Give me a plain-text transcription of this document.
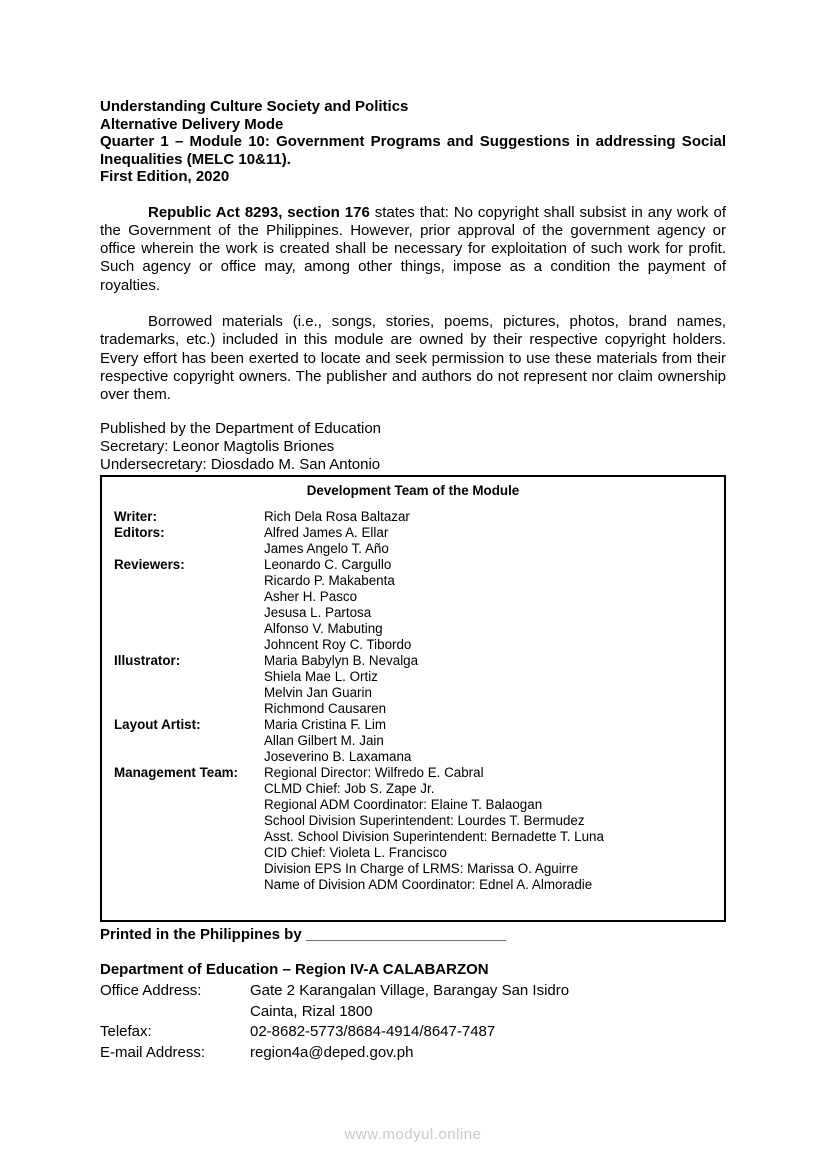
Understanding Culture Society and Politics
Alternative Delivery Mode
Quarter 1 – Module 10: Government Programs and Suggestions in addressing Social Inequalities (MELC 10&11).
First Edition, 2020

Republic Act 8293, section 176 states that: No copyright shall subsist in any work of the Government of the Philippines. However, prior approval of the government agency or office wherein the work is created shall be necessary for exploitation of such work for profit. Such agency or office may, among other things, impose as a condition the payment of royalties.

Borrowed materials (i.e., songs, stories, poems, pictures, photos, brand names, trademarks, etc.) included in this module are owned by their respective copyright holders. Every effort has been exerted to locate and seek permission to use these materials from their respective copyright owners. The publisher and authors do not represent nor claim ownership over them.

Published by the Department of Education
Secretary: Leonor Magtolis Briones
Undersecretary: Diosdado M. San Antonio
Development Team of the Module
Writer:	Rich Dela Rosa Baltazar
Editors:	Alfred James A. Ellar
James Angelo T. Año
Reviewers:	Leonardo C. Cargullo
Ricardo P. Makabenta
Asher H. Pasco
Jesusa L. Partosa
Alfonso V. Mabuting
Johncent Roy C. Tibordo
Illustrator:	Maria Babylyn B. Nevalga
Shiela Mae L. Ortiz
Melvin Jan Guarin
Richmond Causaren
Layout Artist:	Maria Cristina F. Lim
Allan Gilbert M. Jain
Joseverino B. Laxamana
Management Team:	Regional Director: Wilfredo E. Cabral
CLMD Chief: Job S. Zape Jr.
Regional ADM Coordinator: Elaine T. Balaogan
School Division Superintendent: Lourdes T. Bermudez
Asst. School Division Superintendent: Bernadette T. Luna
CID Chief: Violeta L. Francisco
Division EPS In Charge of LRMS: Marissa O. Aguirre
Name of Division ADM Coordinator: Ednel A. Almoradie

Printed in the Philippines by ________________________

Department of Education – Region IV-A CALABARZON
Office Address:	Gate 2 Karangalan Village, Barangay San Isidro
Cainta, Rizal 1800
Telefax:	02-8682-5773/8684-4914/8647-7487
E-mail Address:	region4a@deped.gov.ph
www.modyul.online
